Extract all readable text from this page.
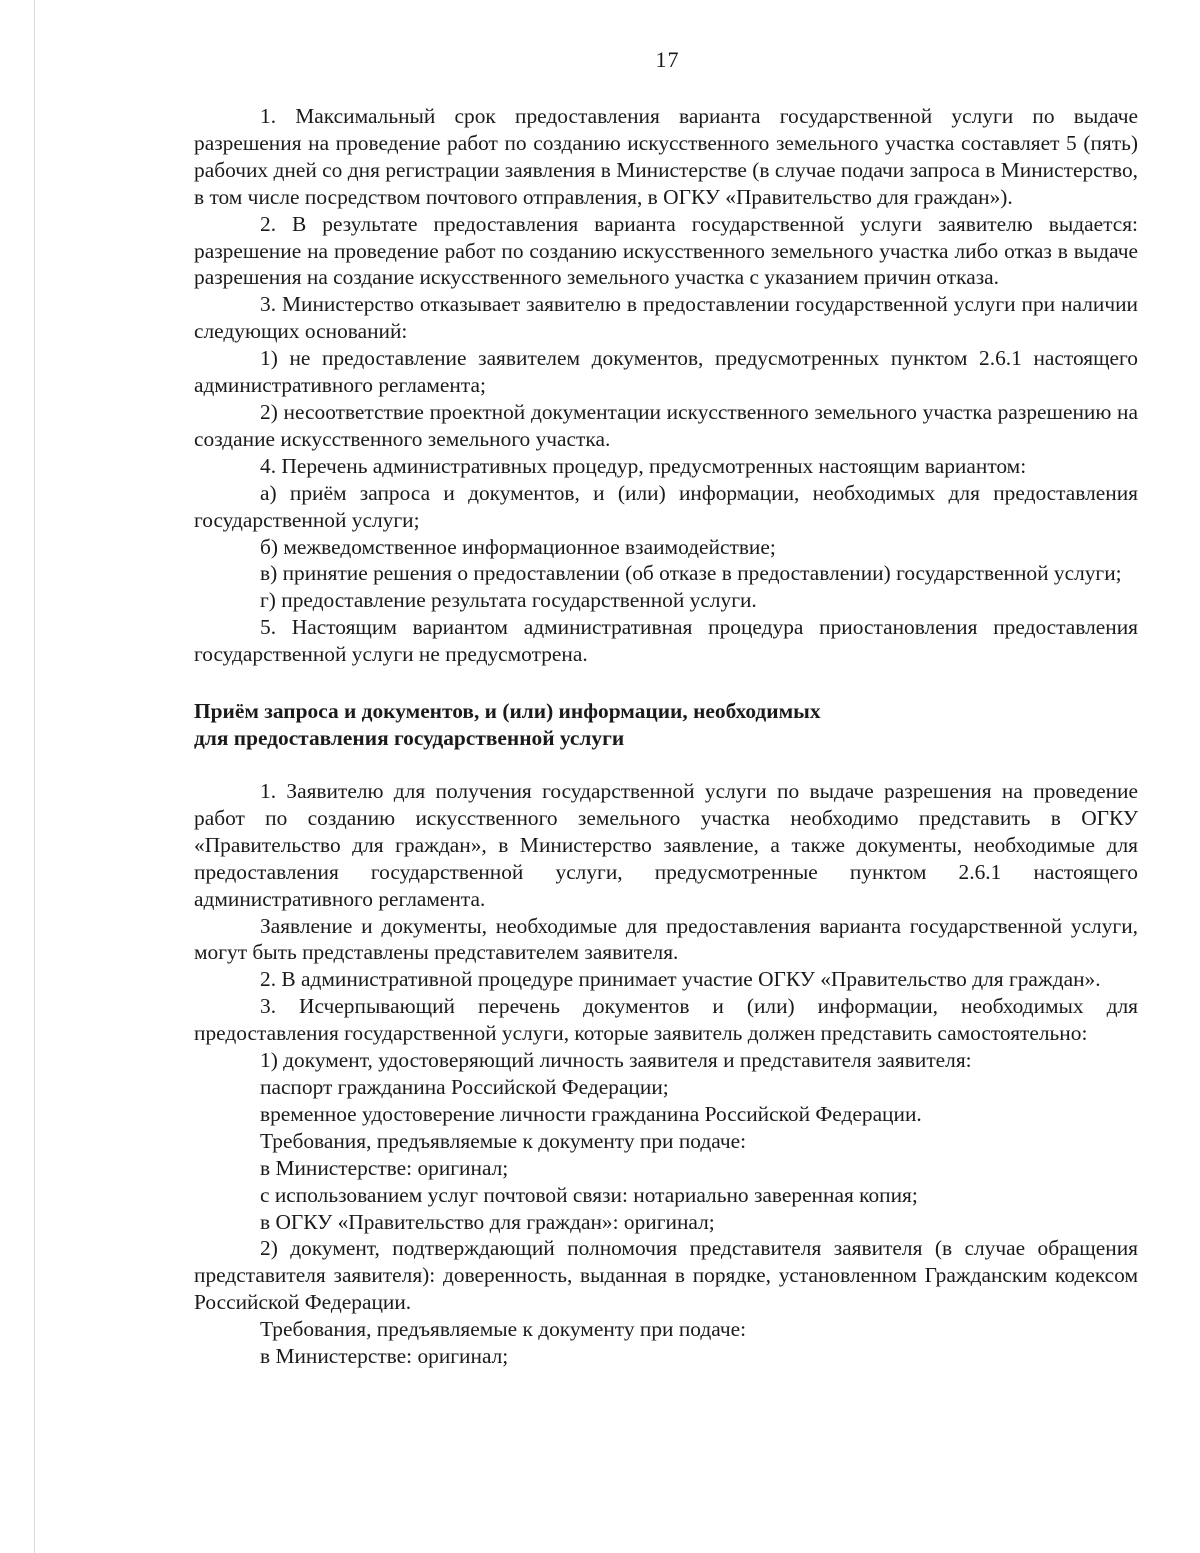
17

1. Максимальный срок предоставления варианта государственной услуги по выдаче разрешения на проведение работ по созданию искусственного земельного участка составляет 5 (пять) рабочих дней со дня регистрации заявления в Министерстве (в случае подачи запроса в Министерство, в том числе посредством почтового отправления, в ОГКУ «Правительство для граждан»).

2. В результате предоставления варианта государственной услуги заявителю выдается: разрешение на проведение работ по созданию искусственного земельного участка либо отказ в выдаче разрешения на создание искусственного земельного участка с указанием причин отказа.

3. Министерство отказывает заявителю в предоставлении государственной услуги при наличии следующих оснований:

1) не предоставление заявителем документов, предусмотренных пунктом 2.6.1 настоящего административного регламента;

2) несоответствие проектной документации искусственного земельного участка разрешению на создание искусственного земельного участка.

4. Перечень административных процедур, предусмотренных настоящим вариантом:

а) приём запроса и документов, и (или) информации, необходимых для предоставления государственной услуги;

б) межведомственное информационное взаимодействие;

в) принятие решения о предоставлении (об отказе в предоставлении) государственной услуги;

г) предоставление результата государственной услуги.

5. Настоящим вариантом административная процедура приостановления предоставления государственной услуги не предусмотрена.

Приём запроса и документов, и (или) информации, необходимых

для предоставления государственной услуги

1. Заявителю для получения государственной услуги по выдаче разрешения на проведение работ по созданию искусственного земельного участка необходимо представить в ОГКУ «Правительство для граждан», в Министерство заявление, а также документы, необходимые для предоставления государственной услуги, предусмотренные пунктом 2.6.1 настоящего административного регламента.

Заявление и документы, необходимые для предоставления варианта государственной услуги, могут быть представлены представителем заявителя.

2. В административной процедуре принимает участие ОГКУ «Правительство для граждан».

3. Исчерпывающий перечень документов и (или) информации, необходимых для предоставления государственной услуги, которые заявитель должен представить самостоятельно:

1) документ, удостоверяющий личность заявителя и представителя заявителя:

паспорт гражданина Российской Федерации;

временное удостоверение личности гражданина Российской Федерации.

Требования, предъявляемые к документу при подаче:

в Министерстве: оригинал;

с использованием услуг почтовой связи: нотариально заверенная копия;

в ОГКУ «Правительство для граждан»: оригинал;

2) документ, подтверждающий полномочия представителя заявителя (в случае обращения представителя заявителя): доверенность, выданная в порядке, установленном Гражданским кодексом Российской Федерации.

Требования, предъявляемые к документу при подаче:

в Министерстве: оригинал;
